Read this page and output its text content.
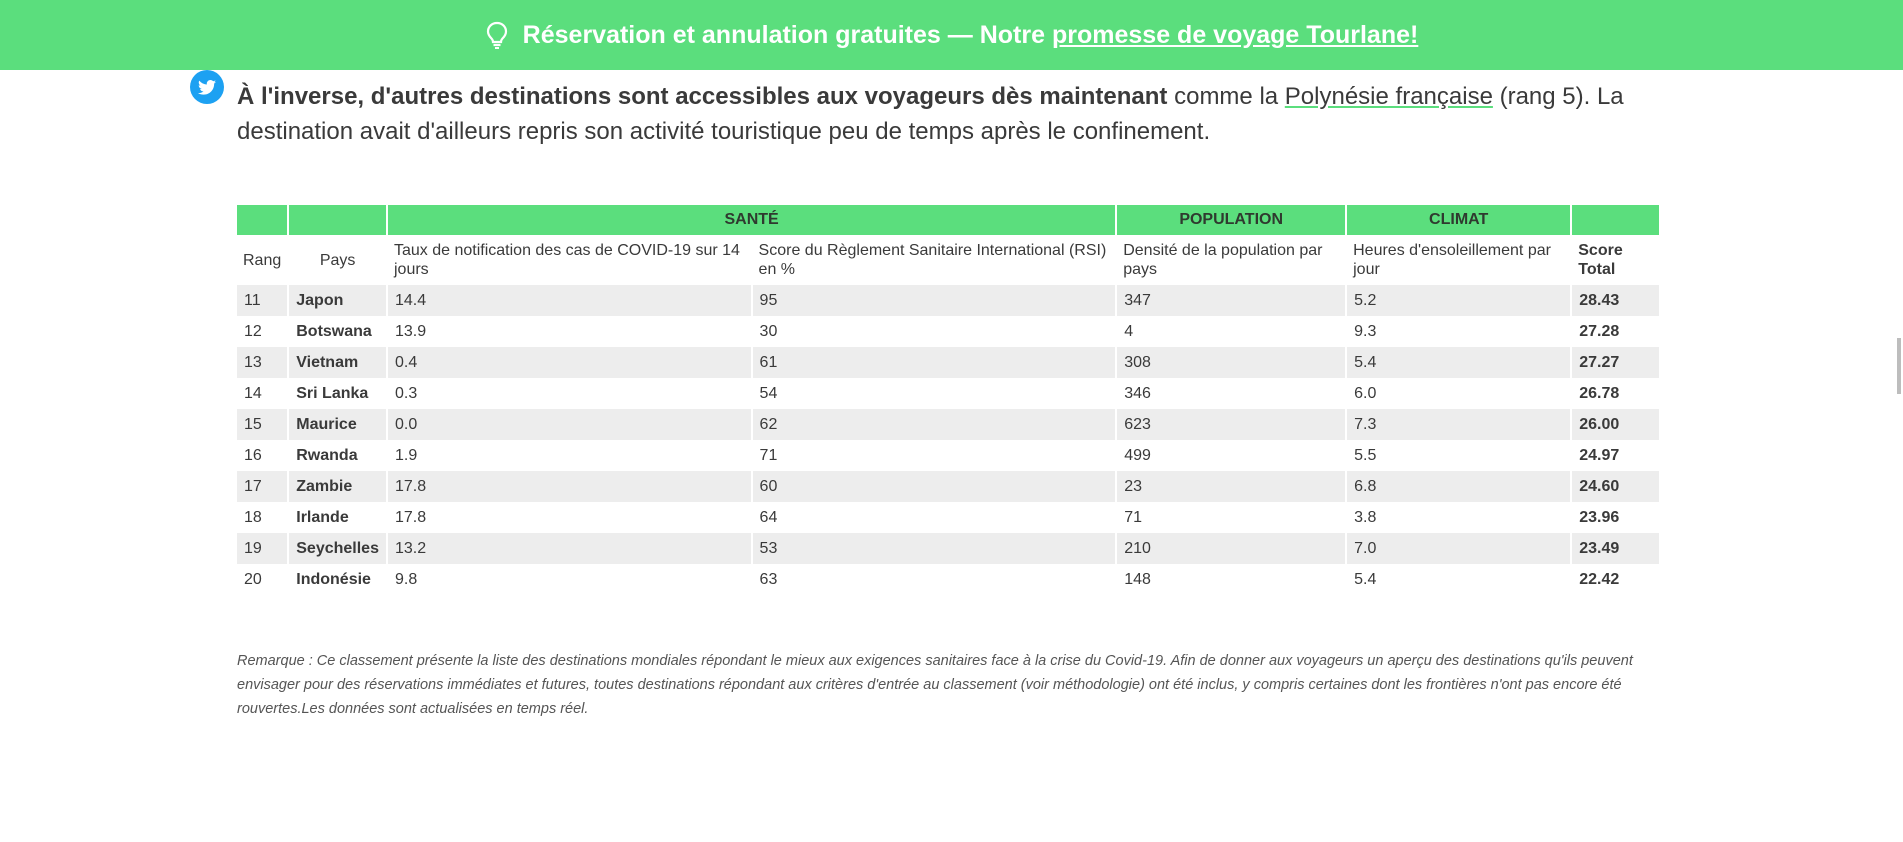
À l'inverse, d'autres destinations sont accessibles aux voyageurs dès maintenant comme la Polynésie française (rang 5). La destination avait d'ailleurs repris son activité touristique peu de temps après le confinement.

		SANTÉ		POPULATION	CLIMAT	
Rang	Pays	Taux de notification des cas de COVID-19 sur 14 jours	Score du Règlement Sanitaire International (RSI) en %	Densité de la population par pays	Heures d'ensoleillement par jour	Score Total
11	Japon	14.4	95	347	5.2	28.43
12	Botswana	13.9	30	4	9.3	27.28
13	Vietnam	0.4	61	308	5.4	27.27
14	Sri Lanka	0.3	54	346	6.0	26.78
15	Maurice	0.0	62	623	7.3	26.00
16	Rwanda	1.9	71	499	5.5	24.97
17	Zambie	17.8	60	23	6.8	24.60
18	Irlande	17.8	64	71	3.8	23.96
19	Seychelles	13.2	53	210	7.0	23.49
20	Indonésie	9.8	63	148	5.4	22.42

Remarque : Ce classement présente la liste des destinations mondiales répondant le mieux aux exigences sanitaires face à la crise du Covid-19. Afin de donner aux voyageurs un aperçu des destinations qu'ils peuvent envisager pour des réservations immédiates et futures, toutes destinations répondant aux critères d'entrée au classement (voir méthodologie) ont été inclus, y compris certaines dont les frontières n'ont pas encore été rouvertes.Les données sont actualisées en temps réel.

Réservation et annulation gratuites — Notre promesse de voyage Tourlane!
